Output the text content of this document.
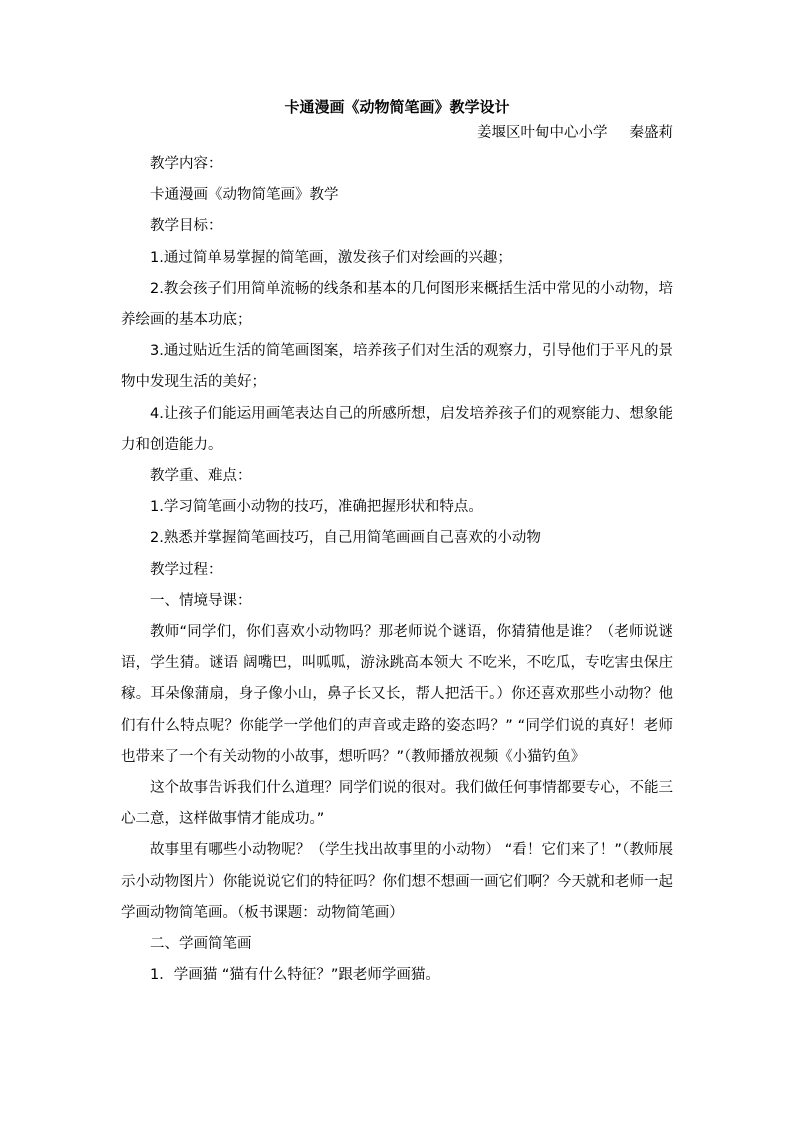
卡通漫画《动物简笔画》教学设计
姜堰区叶甸中心小学 秦盛莉

教学内容：

卡通漫画《动物简笔画》教学

教学目标：

1.通过简单易掌握的简笔画，激发孩子们对绘画的兴趣；

2.教会孩子们用简单流畅的线条和基本的几何图形来概括生活中常见的小动物，培养绘画的基本功底；

3.通过贴近生活的简笔画图案，培养孩子们对生活的观察力，引导他们于平凡的景物中发现生活的美好；

4.让孩子们能运用画笔表达自己的所感所想，启发培养孩子们的观察能力、想象能力和创造能力。

教学重、难点：

1.学习简笔画小动物的技巧，准确把握形状和特点。

2.熟悉并掌握简笔画技巧，自己用简笔画画自己喜欢的小动物

教学过程：

一、情境导课：

教师“同学们，你们喜欢小动物吗？那老师说个谜语，你猜猜他是谁？（老师说谜语，学生猜。谜语 阔嘴巴，叫呱呱，游泳跳高本领大 不吃米，不吃瓜，专吃害虫保庄稼。耳朵像蒲扇，身子像小山，鼻子长又长，帮人把活干。）你还喜欢那些小动物？他们有什么特点呢？你能学一学他们的声音或走路的姿态吗？” “同学们说的真好！老师也带来了一个有关动物的小故事，想听吗？”（教师播放视频《小猫钓鱼》

这个故事告诉我们什么道理？同学们说的很对。我们做任何事情都要专心，不能三心二意，这样做事情才能成功。”

故事里有哪些小动物呢？（学生找出故事里的小动物） “看！它们来了！”（教师展示小动物图片）你能说说它们的特征吗？你们想不想画一画它们啊？今天就和老师一起学画动物简笔画。（板书课题：动物简笔画）

二、学画简笔画

1．学画猫 “猫有什么特征？”跟老师学画猫。
